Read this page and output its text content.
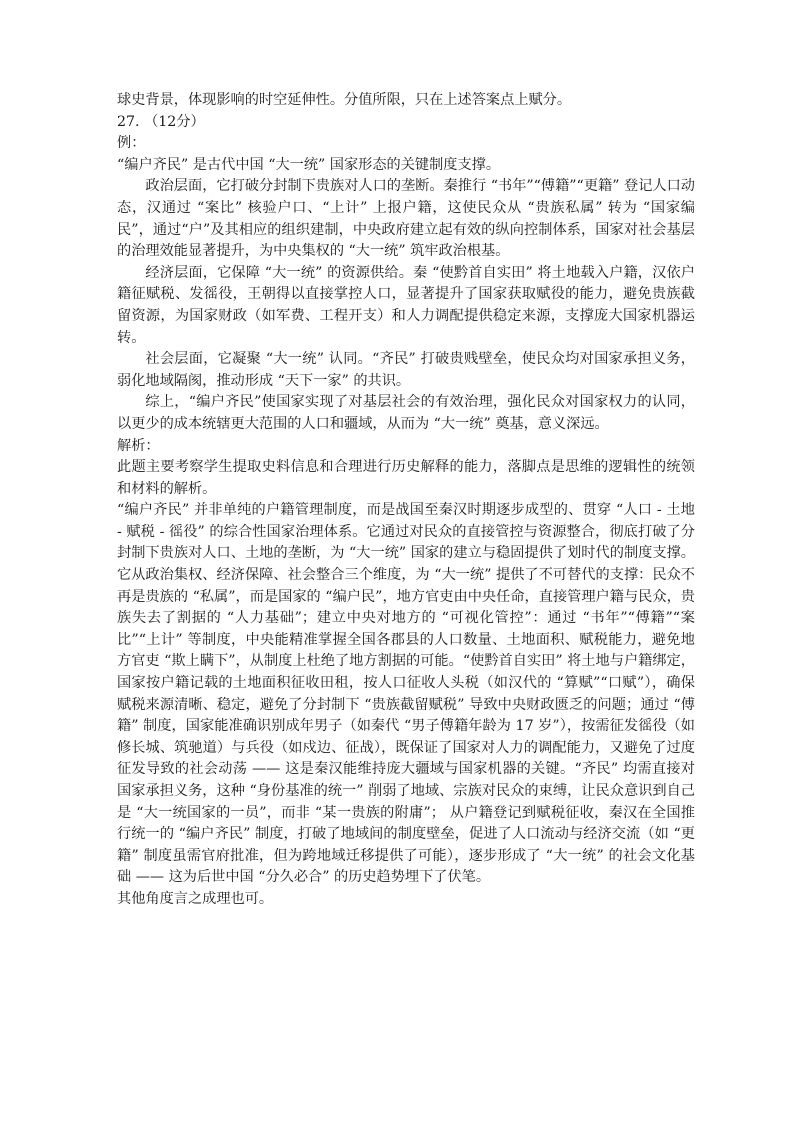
球史背景，体现影响的时空延伸性。分值所限，只在上述答案点上赋分。

27. （12分）

例：

“编户齐民” 是古代中国 “大一统” 国家形态的关键制度支撑。

政治层面，它打破分封制下贵族对人口的垄断。秦推行 “书年”“傅籍”“更籍” 登记人口动态，汉通过 “案比” 核验户口、“上计” 上报户籍，这使民众从 “贵族私属” 转为 “国家编民”，通过“户”及其相应的组织建制，中央政府建立起有效的纵向控制体系，国家对社会基层的治理效能显著提升，为中央集权的 “大一统” 筑牢政治根基。

经济层面，它保障 “大一统” 的资源供给。秦 “使黔首自实田” 将土地载入户籍，汉依户籍征赋税、发徭役，王朝得以直接掌控人口，显著提升了国家获取赋役的能力，避免贵族截留资源，为国家财政（如军费、工程开支）和人力调配提供稳定来源，支撑庞大国家机器运转。

社会层面，它凝聚 “大一统” 认同。“齐民” 打破贵贱壁垒，使民众均对国家承担义务，弱化地域隔阂，推动形成 “天下一家” 的共识。

综上，“编户齐民”使国家实现了对基层社会的有效治理，强化民众对国家权力的认同，以更少的成本统辖更大范围的人口和疆域，从而为 “大一统” 奠基，意义深远。

解析：

此题主要考察学生提取史料信息和合理进行历史解释的能力，落脚点是思维的逻辑性的统领和材料的解析。

“编户齐民” 并非单纯的户籍管理制度，而是战国至秦汉时期逐步成型的、贯穿 “人口 - 土地 - 赋税 - 徭役” 的综合性国家治理体系。它通过对民众的直接管控与资源整合，彻底打破了分封制下贵族对人口、土地的垄断，为 “大一统” 国家的建立与稳固提供了划时代的制度支撑。它从政治集权、经济保障、社会整合三个维度，为 “大一统” 提供了不可替代的支撑：民众不再是贵族的 “私属”，而是国家的 “编户民”，地方官吏由中央任命，直接管理户籍与民众，贵族失去了割据的 “人力基础”；建立中央对地方的 “可视化管控”：通过 “书年”“傅籍”“案比”“上计” 等制度，中央能精准掌握全国各郡县的人口数量、土地面积、赋税能力，避免地方官吏 “欺上瞒下”，从制度上杜绝了地方割据的可能。“使黔首自实田” 将土地与户籍绑定，国家按户籍记载的土地面积征收田租，按人口征收人头税（如汉代的 “算赋”“口赋”），确保赋税来源清晰、稳定，避免了分封制下 “贵族截留赋税” 导致中央财政匮乏的问题；通过 “傅籍” 制度，国家能准确识别成年男子（如秦代 “男子傅籍年龄为 17 岁”），按需征发徭役（如修长城、筑驰道）与兵役（如戍边、征战），既保证了国家对人力的调配能力，又避免了过度征发导致的社会动荡 —— 这是秦汉能维持庞大疆域与国家机器的关键。“齐民” 均需直接对国家承担义务，这种 “身份基准的统一” 削弱了地域、宗族对民众的束缚，让民众意识到自己是 “大一统国家的一员”，而非 “某一贵族的附庸”； 从户籍登记到赋税征收，秦汉在全国推行统一的 “编户齐民” 制度，打破了地域间的制度壁垒，促进了人口流动与经济交流（如 “更籍” 制度虽需官府批准，但为跨地域迁移提供了可能），逐步形成了 “大一统” 的社会文化基础 —— 这为后世中国 “分久必合” 的历史趋势埋下了伏笔。

其他角度言之成理也可。
